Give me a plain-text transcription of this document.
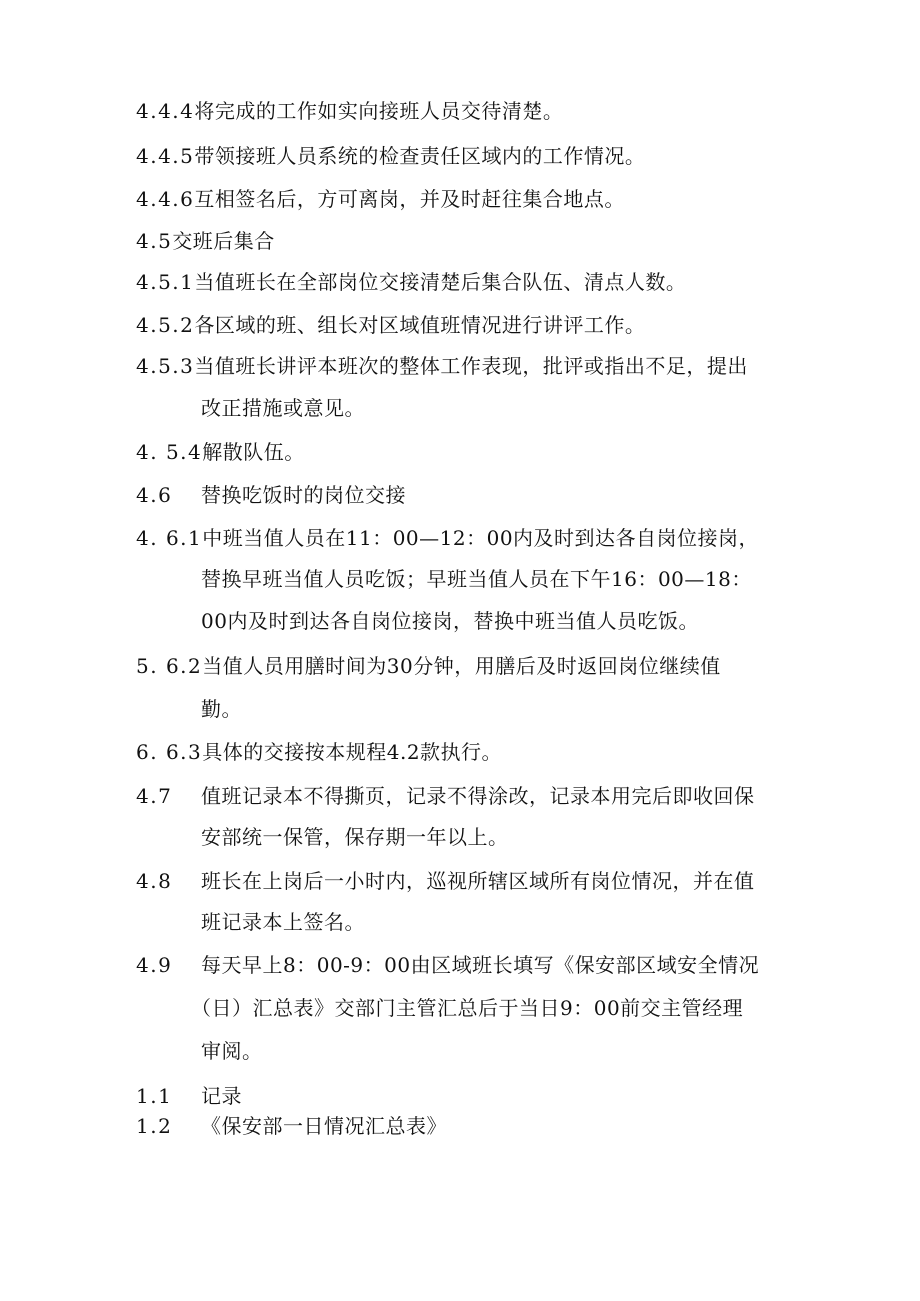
4.4.4将完成的工作如实向接班人员交待清楚。
4.4.5带领接班人员系统的检查责任区域内的工作情况。
4.4.6互相签名后，方可离岗，并及时赶往集合地点。
4.5交班后集合
4.5.1当值班长在全部岗位交接清楚后集合队伍、清点人数。
4.5.2各区域的班、组长对区域值班情况进行讲评工作。
4.5.3当值班长讲评本班次的整体工作表现，批评或指出不足，提出
改正措施或意见。
4. 5.4解散队伍。
4.6 替换吃饭时的岗位交接
4. 6.1中班当值人员在11：00—12：00内及时到达各自岗位接岗，
替换早班当值人员吃饭；早班当值人员在下午16：00—18：
00内及时到达各自岗位接岗，替换中班当值人员吃饭。
5. 6.2当值人员用膳时间为30分钟，用膳后及时返回岗位继续值
勤。
6. 6.3具体的交接按本规程4.2款执行。
4.7 值班记录本不得撕页，记录不得涂改，记录本用完后即收回保
安部统一保管，保存期一年以上。
4.8 班长在上岗后一小时内，巡视所辖区域所有岗位情况，并在值
班记录本上签名。
4.9 每天早上8：00-9：00由区域班长填写《保安部区域安全情况
（日）汇总表》交部门主管汇总后于当日9：00前交主管经理
审阅。
1.1 记录
1.2 《保安部一日情况汇总表》
